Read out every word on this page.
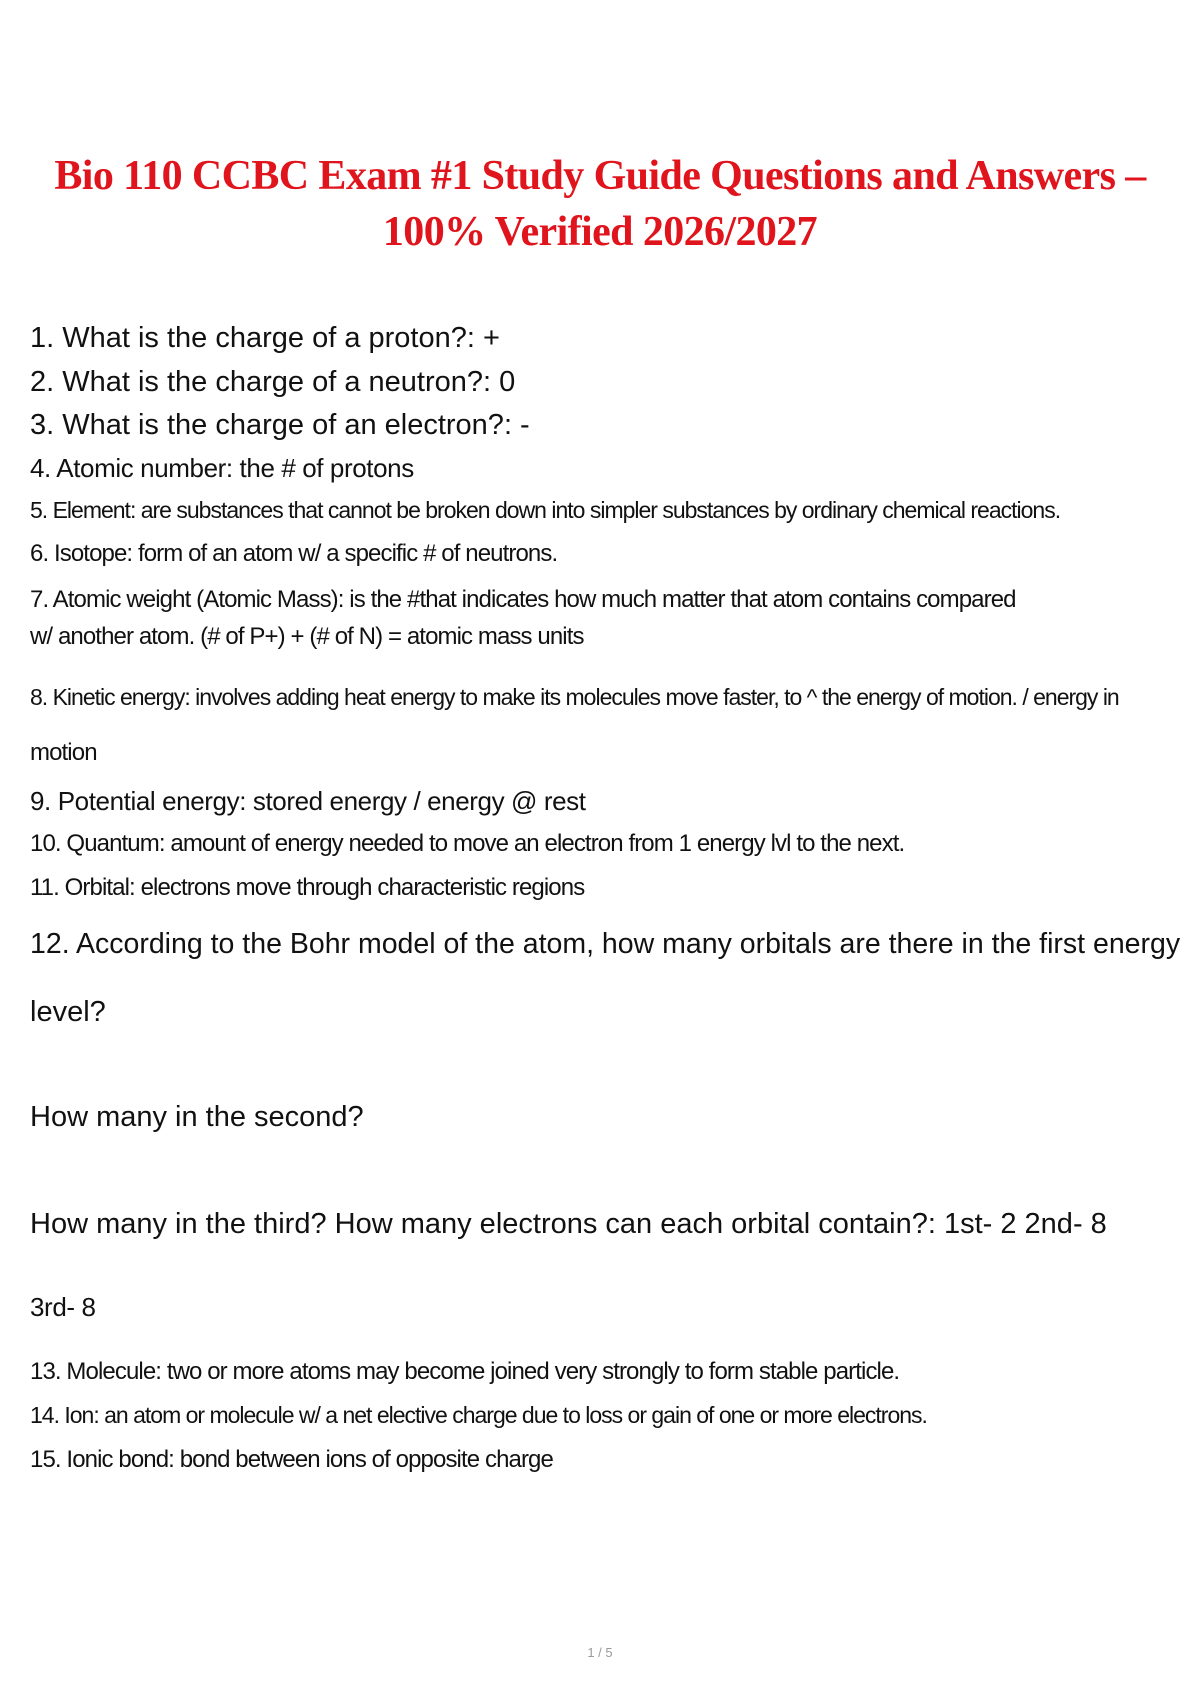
Bio 110 CCBC Exam #1 Study Guide Questions and Answers –
100% Verified 2026/2027
1. What is the charge of a proton?: +
2. What is the charge of a neutron?: 0
3. What is the charge of an electron?: -
4. Atomic number: the # of protons
5. Element: are substances that cannot be broken down into simpler substances by ordinary chemical reactions.
6. Isotope: form of an atom w/ a specific # of neutrons.
7. Atomic weight (Atomic Mass): is the #that indicates how much matter that atom contains compared
w/ another atom. (# of P+) + (# of N) = atomic mass units
8. Kinetic energy: involves adding heat energy to make its molecules move faster, to ^ the energy of motion. / energy in
motion
9. Potential energy: stored energy / energy @ rest
10. Quantum: amount of energy needed to move an electron from 1 energy lvl to the next.
11. Orbital: electrons move through characteristic regions
12. According to the Bohr model of the atom, how many orbitals are there in the first energy
level?
How many in the second?
How many in the third? How many electrons can each orbital contain?: 1st- 2 2nd- 8
3rd- 8
13. Molecule: two or more atoms may become joined very strongly to form stable particle.
14. Ion: an atom or molecule w/ a net elective charge due to loss or gain of one or more electrons.
15. Ionic bond: bond between ions of opposite charge
1 / 5
